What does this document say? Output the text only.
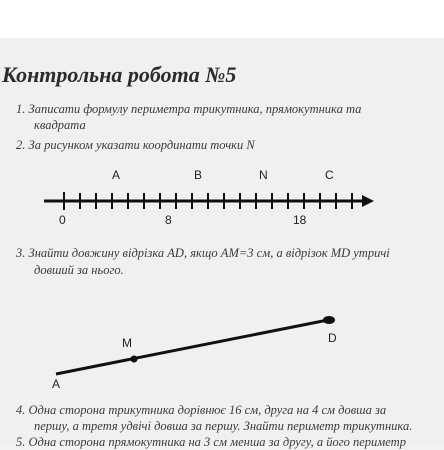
Контрольна робота №5
1. Записати формулу периметра трикутника, прямокутника та
квадрата
2. За рисунком указати координати точки N
A	B	N	C
0	8	18
3. Знайти довжину відрізка AD, якщо AM=3 см, а відрізок MD утричі
довший за нього.
M	D
A
4. Одна сторона трикутника дорівнює 16 см, друга на 4 см довша за
першу, а третя удвічі довша за першу. Знайти периметр трикутника.
5. Одна сторона прямокутника на 3 см менша за другу, а його периметр
